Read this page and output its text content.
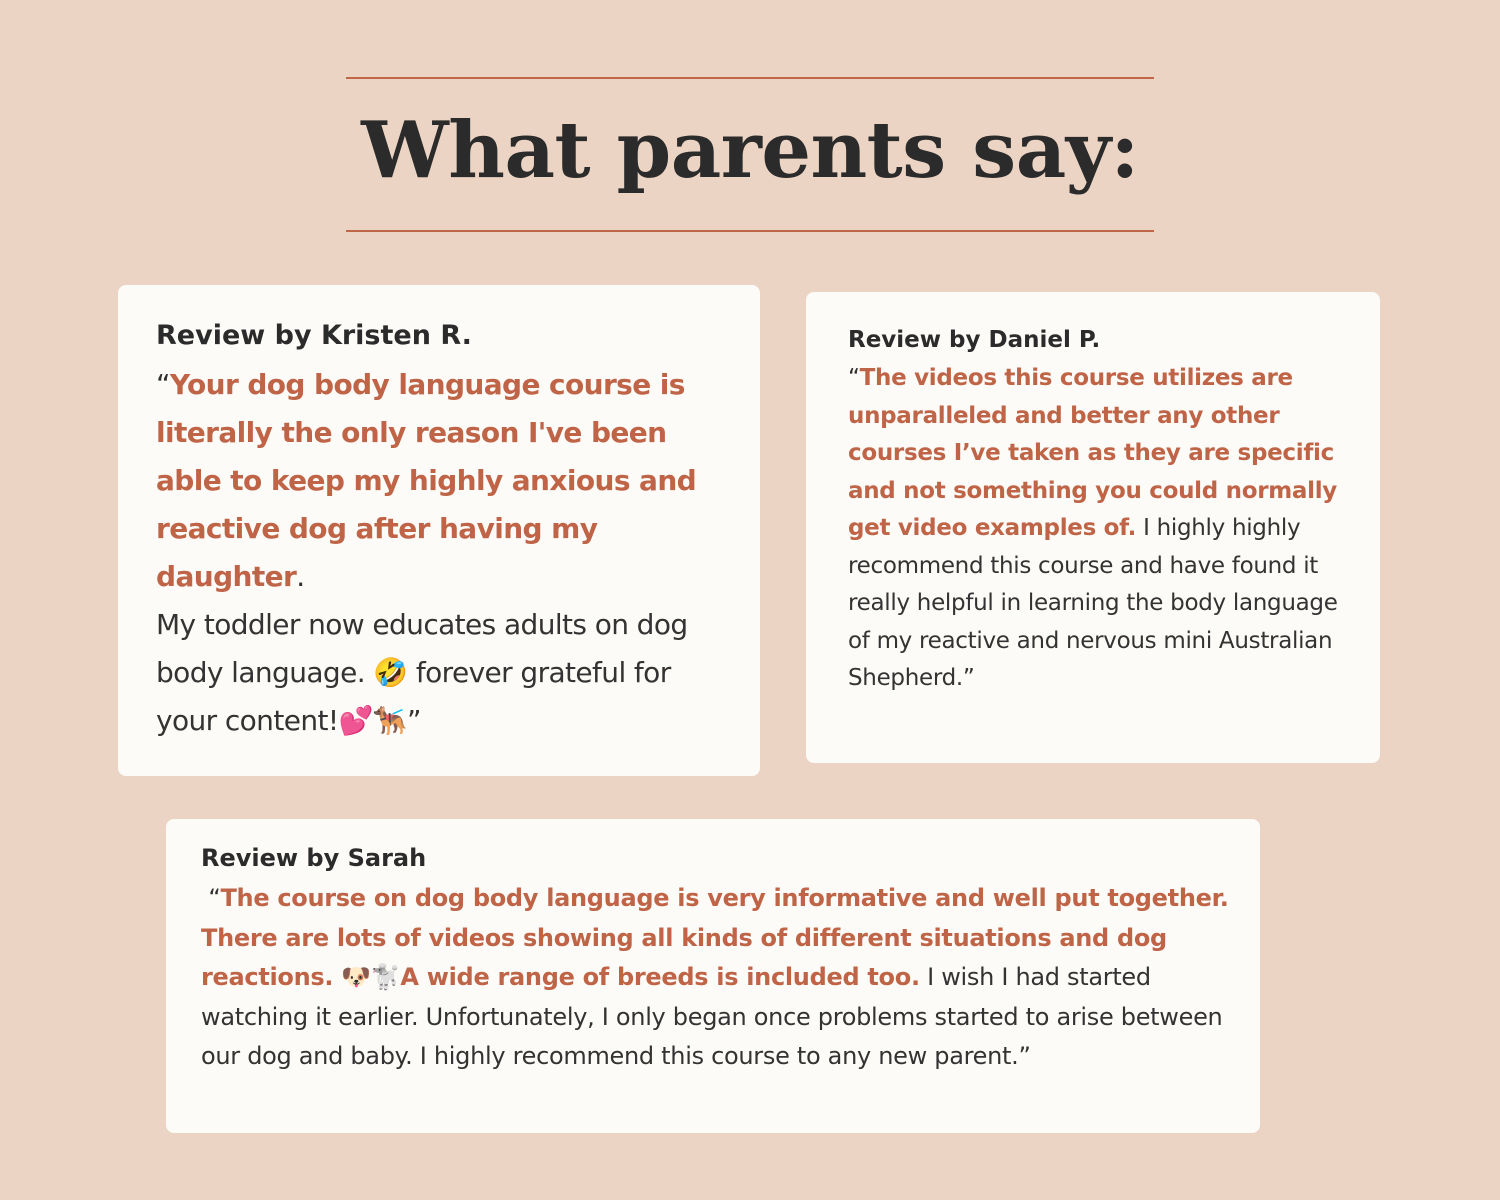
What parents say:
Review by Kristen R.

“Your dog body language course is literally the only reason I've been able to keep my highly anxious and reactive dog after having my daughter.
My toddler now educates adults on dog body language. 🤣 forever grateful for your content!💕🐕‍🦺”

Review by Daniel P.

“The videos this course utilizes are unparalleled and better any other courses I’ve taken as they are specific and not something you could normally get video examples of. I highly highly recommend this course and have found it really helpful in learning the body language of my reactive and nervous mini Australian Shepherd.”

Review by Sarah

“The course on dog body language is very informative and well put together. There are lots of videos showing all kinds of different situations and dog reactions. 🐶🐩A wide range of breeds is included too. I wish I had started watching it earlier. Unfortunately, I only began once problems started to arise between our dog and baby. I highly recommend this course to any new parent.”
